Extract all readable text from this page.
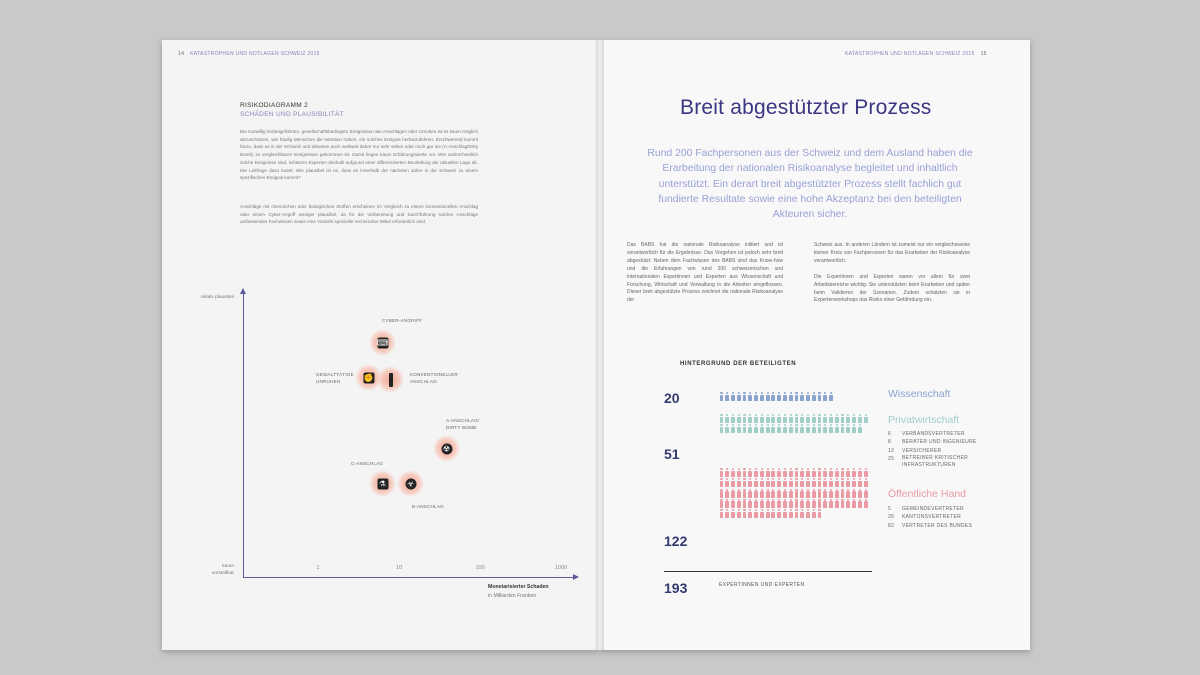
14 KATASTROPHEN UND NOTLAGEN SCHWEIZ 2015
RISIKODIAGRAMM 2
SCHÄDEN UND PLAUSIBILITÄT
Bei mutwillig herbeigeführten, gesellschaftsbedingten Ereignissen wie Anschlägen oder Unruhen ist es kaum möglich abzuschätzen, wie häufig Menschen die Intention haben, ein solches Ereignis herbeizuführen. Erschwerend kommt hinzu, dass es in der Schweiz und teilweise auch weltweit daher nur sehr selten oder noch gar nie (A-Anschlag/Dirty Bomb) zu vergleichbaren Ereignissen gekommen ist. Damit liegen kaum Erfahrungswerte vor. Wie wahrscheinlich solche Ereignisse sind, schätzen Experten deshalb aufgrund einer differenzierten Beurteilung der aktuellen Lage ab. Die Leitfrage dazu lautet: Wie plausibel ist es, dass es innerhalb der nächsten Jahre in der Schweiz zu einem spezifischen Ereignis kommt?
Anschläge mit chemischen oder biologischen Stoffen erscheinen im Vergleich zu einem konventionellen Anschlag oder einem Cyber-Angriff weniger plausibel, da für die Vorbereitung und Durchführung solcher Anschläge umfassendes Fachwissen sowie eine Vielzahl spezieller technischer Mittel erforderlich sind.
relativ plausibel
kaum vorstellbar
1	10	100	1000
Monetarisierter Schaden
in Milliarden Franken
⌨
✊
☢
⚗	☣
CYBER-ANGRIFF
GEWALTTÄTIGE UNRUHEN
KONVENTIONELLER ANSCHLAG
A-ANSCHLAG/ DIRTY BOMB
C-ANSCHLAG
B-ANSCHLAG
KATASTROPHEN UND NOTLAGEN SCHWEIZ 2015 15
Breit abgestützter Prozess
Rund 200 Fachpersonen aus der Schweiz und dem Ausland haben die Erarbeitung der nationalen Risikoanalyse begleitet und inhaltlich unterstützt. Ein derart breit abgestützter Prozess stellt fachlich gut fundierte Resultate sowie eine hohe Akzeptanz bei den beteiligten Akteuren sicher.
Das BABS hat die nationale Risikoanalyse initiiert und ist verantwortlich für die Ergebnisse. Das Vorgehen ist jedoch sehr breit abgestützt: Neben dem Fachwissen des BABS sind das Know-how und die Erfahrungen von rund 200 schweizerischen und internationalen Expertinnen und Experten aus Wissenschaft und Forschung, Wirtschaft und Verwaltung in die Arbeiten eingeflossen. Dieser breit abgestützte Prozess zeichnet die nationale Risikoanalyse der
Schweiz aus. In anderen Ländern ist zumeist nur ein vergleichsweise kleiner Kreis von Fachpersonen für das Erarbeiten der Risikoanalyse verantwortlich.
Die Expertinnen und Experten waren vor allem für zwei Arbeitsbereiche wichtig: Sie unterstützten beim Erarbeiten und später beim Validieren der Szenarien. Zudem schätzten sie in Expertenworkshops das Risiko einer Gefährdung ein.
HINTERGRUND DER BETEILIGTEN
20
51
122
193	EXPERTINNEN UND EXPERTEN
Wissenschaft
Privatwirtschaft
6 VERBANDSVERTRETER
8 BERATER UND INGENIEURE
12 VERSICHERER
25 BETREIBER KRITISCHER INFRASTRUKTUREN
Öffentliche Hand
5 GEMEINDEVERTRETER
35 KANTONSVERTRETER
82 VERTRETER DES BUNDES
